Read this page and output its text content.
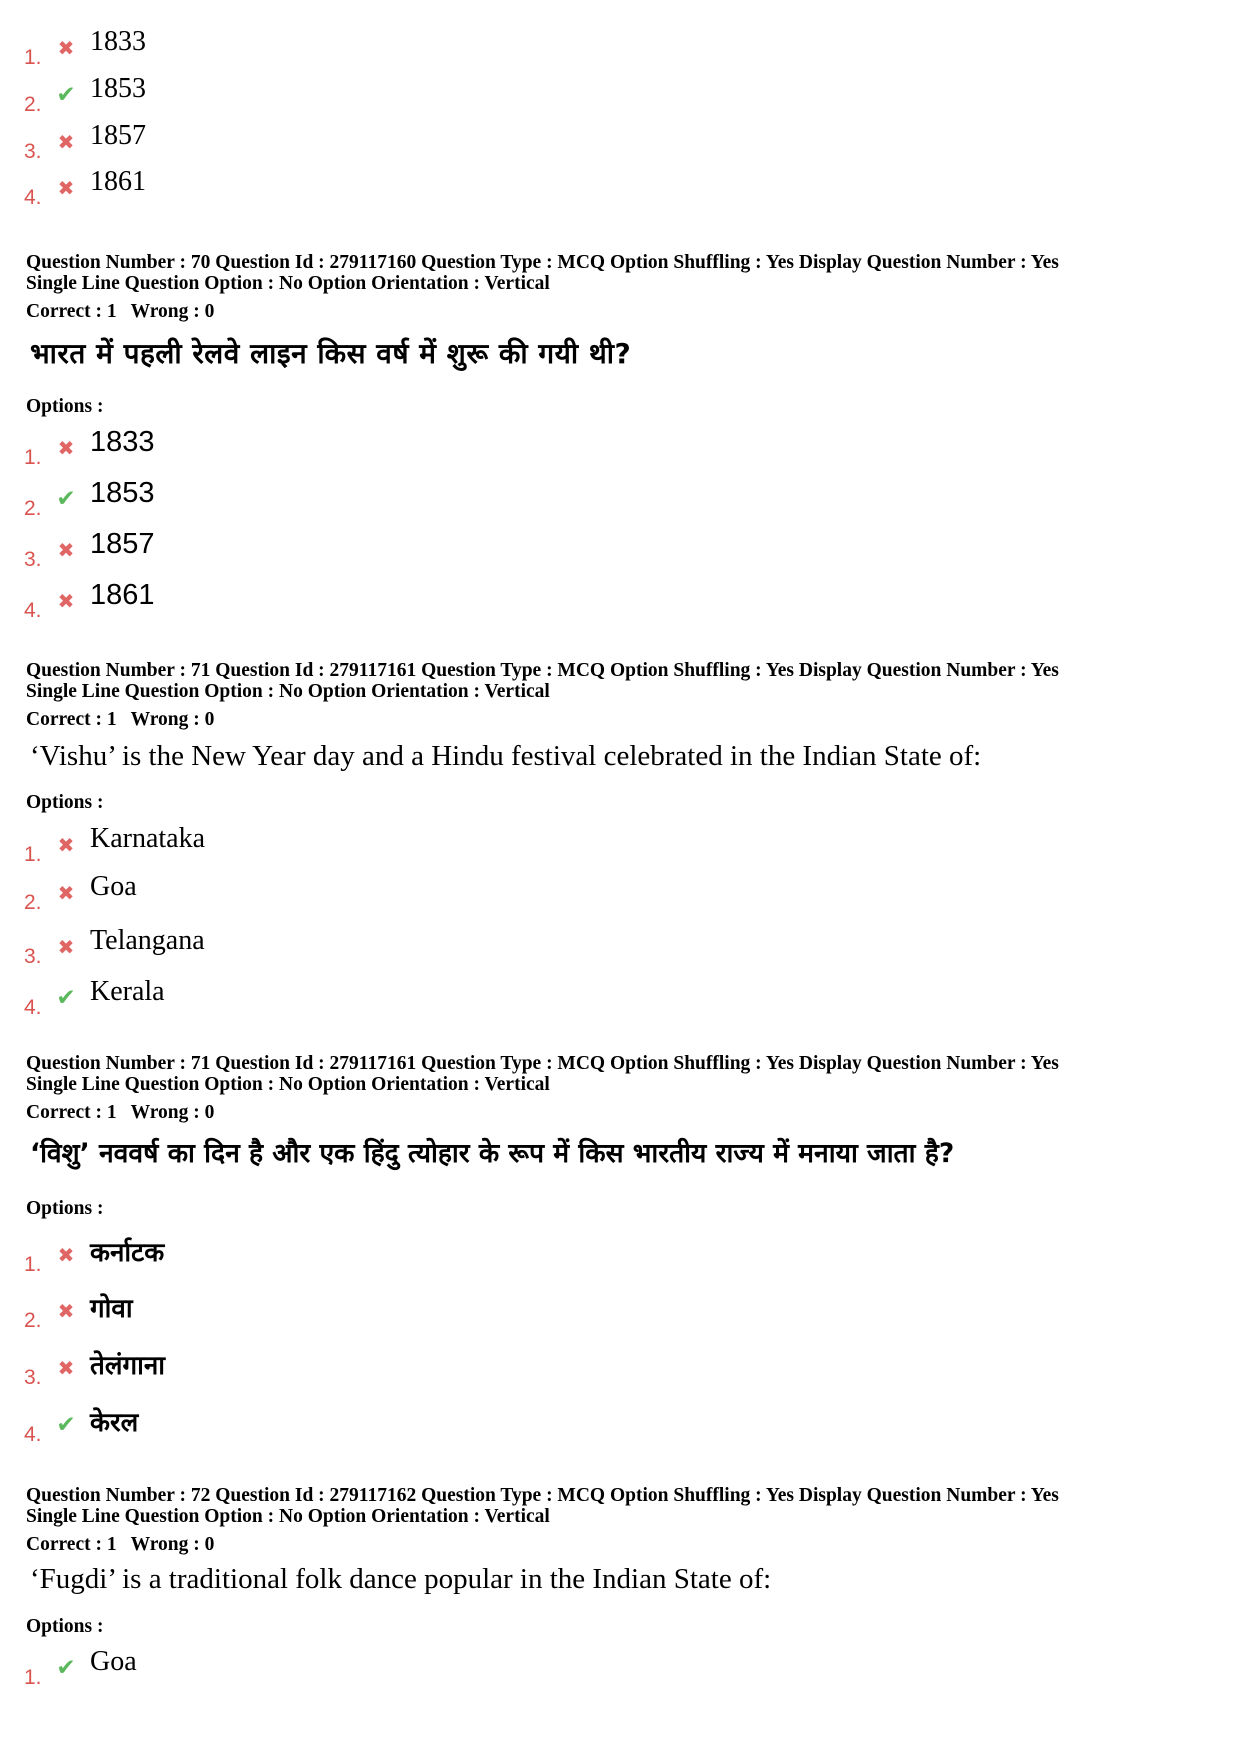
1. ✖ 1833
2. ✔ 1853
3. ✖ 1857
4. ✖ 1861
Question Number : 70 Question Id : 279117160 Question Type : MCQ Option Shuffling : Yes Display Question Number : Yes
Single Line Question Option : No Option Orientation : Vertical
Correct : 1 Wrong : 0
भारत में पहली रेलवे लाइन किस वर्ष में शुरू की गयी थी?
Options :
1. ✖ 1833
2. ✔ 1853
3. ✖ 1857
4. ✖ 1861
Question Number : 71 Question Id : 279117161 Question Type : MCQ Option Shuffling : Yes Display Question Number : Yes
Single Line Question Option : No Option Orientation : Vertical
Correct : 1 Wrong : 0
‘Vishu’ is the New Year day and a Hindu festival celebrated in the Indian State of:
Options :
1. ✖ Karnataka
2. ✖ Goa
3. ✖ Telangana
4. ✔ Kerala
Question Number : 71 Question Id : 279117161 Question Type : MCQ Option Shuffling : Yes Display Question Number : Yes
Single Line Question Option : No Option Orientation : Vertical
Correct : 1 Wrong : 0
‘विशु’ नववर्ष का दिन है और एक हिंदु त्योहार के रूप में किस भारतीय राज्य में मनाया जाता है?
Options :
1. ✖ कर्नाटक
2. ✖ गोवा
3. ✖ तेलंगाना
4. ✔ केरल
Question Number : 72 Question Id : 279117162 Question Type : MCQ Option Shuffling : Yes Display Question Number : Yes
Single Line Question Option : No Option Orientation : Vertical
Correct : 1 Wrong : 0
‘Fugdi’ is a traditional folk dance popular in the Indian State of:
Options :
1. ✔ Goa
